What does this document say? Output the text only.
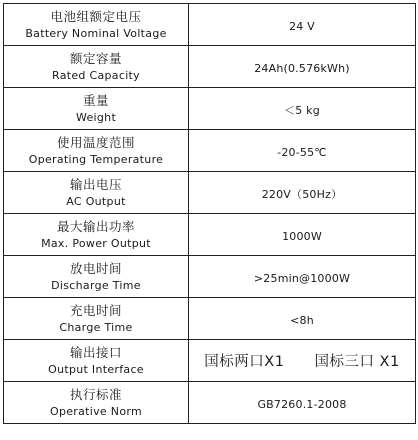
电池组额定电压
Battery Nominal Voltage	24 V

额定容量
Rated Capacity	24Ah(0.576kWh)

重量
Weight	＜5 kg

使用温度范围
Operating Temperature	-20-55℃

输出电压
AC Output	220V（50Hz）

最大输出功率
Max. Power Output	1000W

放电时间
Discharge Time	>25min@1000W

充电时间
Charge Time	<8h

输出接口
Output Interface	国标两口X1　　国标三口 X1

执行标准
Operative Norm	GB7260.1-2008
